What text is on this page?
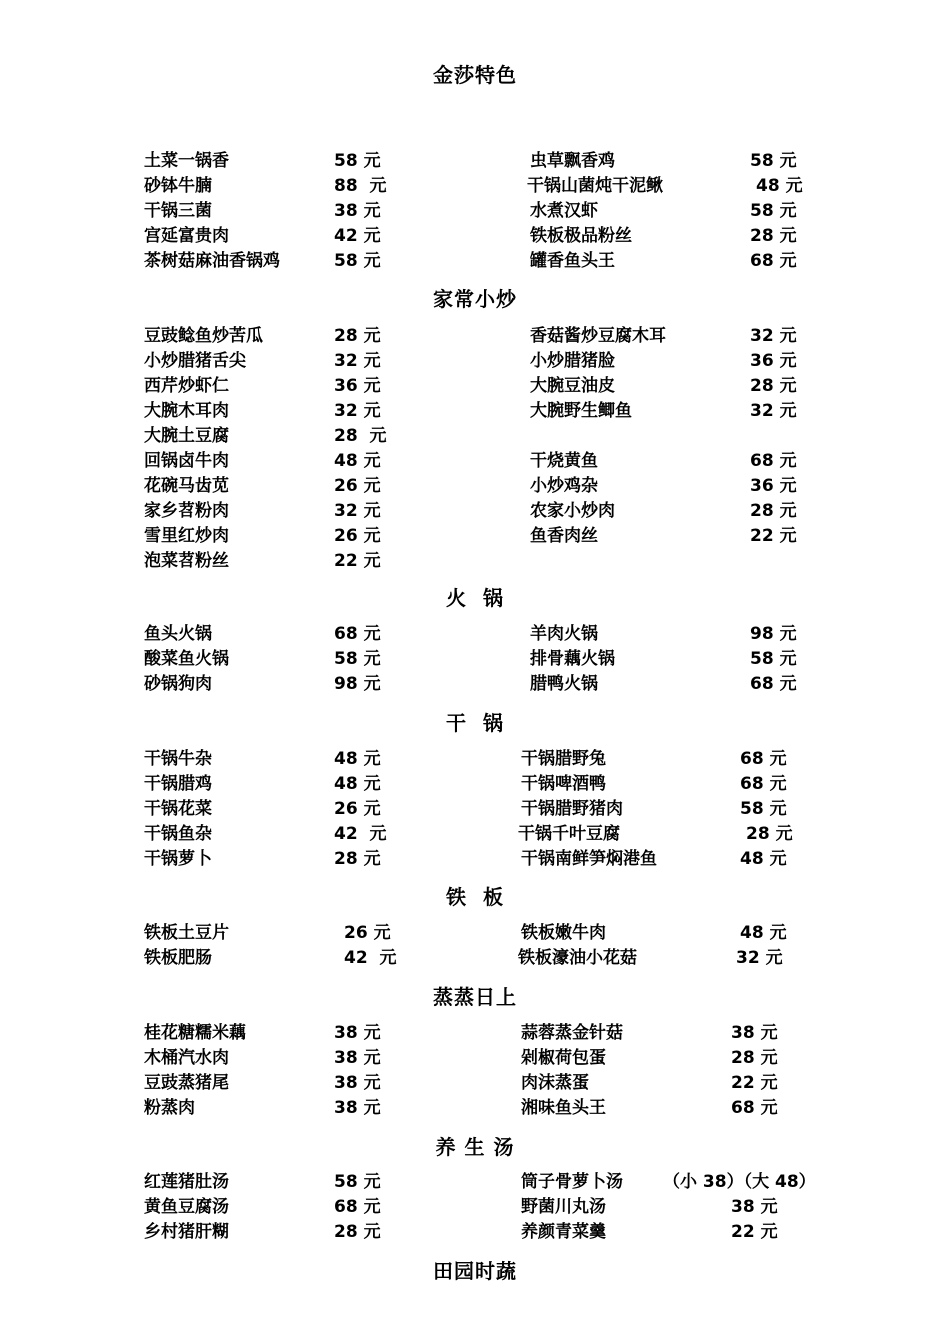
金莎特色
土菜一锅香	58 元	虫草飘香鸡	58 元
砂钵牛腩	88  元	干锅山菌炖干泥鳅	48 元
干锅三菌	38 元	水煮汉虾	58 元
宫延富贵肉	42 元	铁板极品粉丝	28 元
茶树菇麻油香锅鸡	58 元	罐香鱼头王	68 元
家常小炒
豆豉鲶鱼炒苦瓜	28 元	香菇酱炒豆腐木耳	32 元
小炒腊猪舌尖	32 元	小炒腊猪脸	36 元
西芹炒虾仁	36 元	大腕豆油皮	28 元
大腕木耳肉	32 元	大腕野生鲫鱼	32 元
大腕土豆腐	28  元
回锅卤牛肉	48 元	干烧黄鱼	68 元
花碗马齿苋	26 元	小炒鸡杂	36 元
家乡苕粉肉	32 元	农家小炒肉	28 元
雪里红炒肉	26 元	鱼香肉丝	22 元
泡菜苕粉丝	22 元
火  锅
鱼头火锅	68 元	羊肉火锅	98 元
酸菜鱼火锅	58 元	排骨藕火锅	58 元
砂锅狗肉	98 元	腊鸭火锅	68 元
干  锅
干锅牛杂	48 元	干锅腊野兔	68 元
干锅腊鸡	48 元	干锅啤酒鸭	68 元
干锅花菜	26 元	干锅腊野猪肉	58 元
干锅鱼杂	42  元	干锅千叶豆腐	28 元
干锅萝卜	28 元	干锅南鲜笋焖港鱼	48 元
铁  板
铁板土豆片	26 元	铁板嫩牛肉	48 元
铁板肥肠	42  元	铁板濠油小花菇	32 元
蒸蒸日上
桂花糖糯米藕	38 元	蒜蓉蒸金针菇	38 元
木桶汽水肉	38 元	剁椒荷包蛋	28 元
豆豉蒸猪尾	38 元	肉沫蒸蛋	22 元
粉蒸肉	38 元	湘味鱼头王	68 元
养 生 汤
红莲猪肚汤	58 元	筒子骨萝卜汤 （小 38）（大 48）
黄鱼豆腐汤	68 元	野菌川丸汤	38 元
乡村猪肝糊	28 元	养颜青菜羹	22 元
田园时蔬
